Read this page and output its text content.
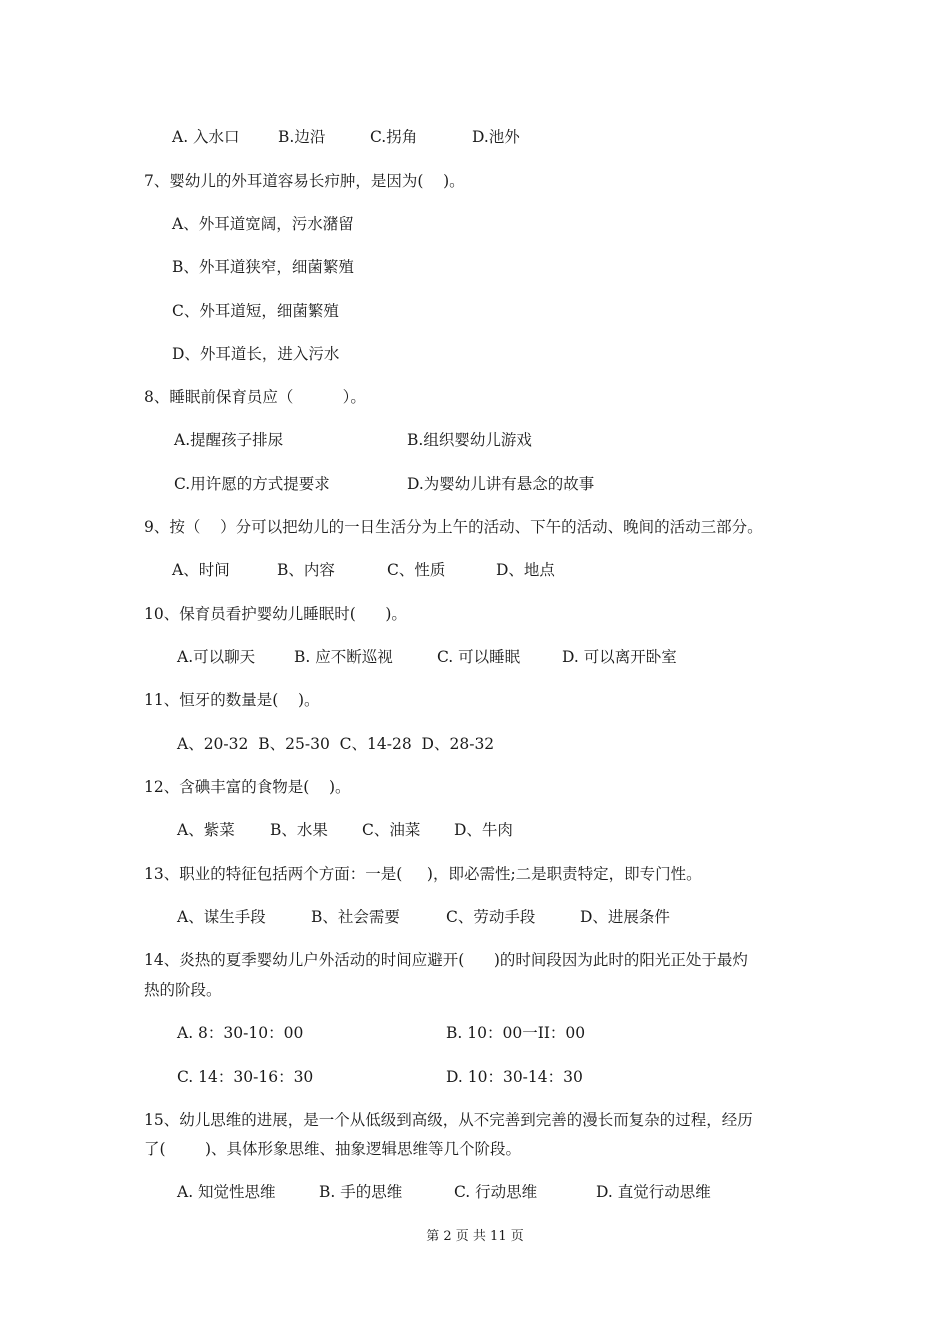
A. 入水口 B.边沿	C.拐角	D.池外
7、婴幼儿的外耳道容易长疖肿，是因为(    )。
A、外耳道宽阔，污水潴留
B、外耳道狭窄，细菌繁殖
C、外耳道短，细菌繁殖
D、外耳道长，进入污水
8、睡眠前保育员应（          ）。
A.提醒孩子排尿	B.组织婴幼儿游戏
C.用许愿的方式提要求	D.为婴幼儿讲有悬念的故事
9、按（    ）分可以把幼儿的一日生活分为上午的活动、下午的活动、晚间的活动三部分。
A、时间	B、内容	C、性质	D、地点
10、保育员看护婴幼儿睡眠时(      )。
A.可以聊天	B. 应不断巡视	C. 可以睡眠	D. 可以离开卧室
11、恒牙的数量是(    )。
A、20-32  B、25-30  C、14-28  D、28-32
12、含碘丰富的食物是(    )。
A、紫菜 B、水果 C、油菜 D、牛肉
13、职业的特征包括两个方面：一是(     )，即必需性;二是职责特定，即专门性。
A、谋生手段	B、社会需要	C、劳动手段	D、进展条件
14、炎热的夏季婴幼儿户外活动的时间应避开(      )的时间段因为此时的阳光正处于最灼
热的阶段。
A. 8：30-10：00	B. 10：00一II：00
C. 14：30-16：30	D. 10：30-14：30
15、幼儿思维的进展，是一个从低级到高级，从不完善到完善的漫长而复杂的过程，经历
了(        )、具体形象思维、抽象逻辑思维等几个阶段。
A. 知觉性思维	B. 手的思维	C. 行动思维	D. 直觉行动思维
第 2 页 共 11 页
